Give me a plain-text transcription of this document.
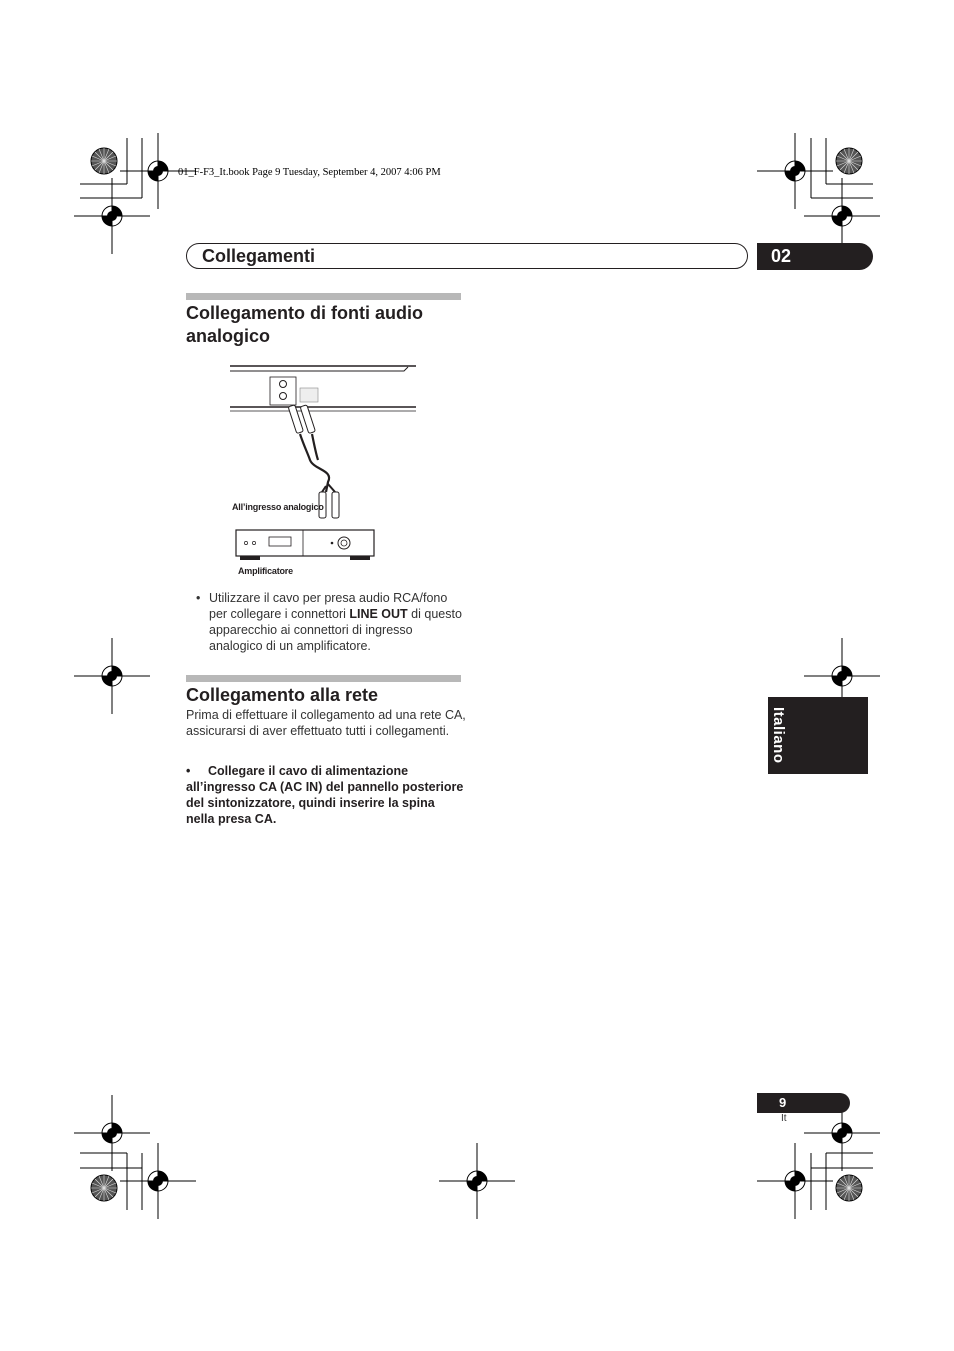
01_F-F3_It.book Page 9 Tuesday, September 4, 2007 4:06 PM
Collegamenti	02
Collegamento di fonti audio analogico
All’ingresso analogico
Amplificatore
• Utilizzare il cavo per presa audio RCA/fono per collegare i connettori LINE OUT di questo apparecchio ai connettori di ingresso analogico di un amplificatore.
Collegamento alla rete
Prima di effettuare il collegamento ad una rete CA, assicurarsi di aver effettuato tutti i collegamenti.
• Collegare il cavo di alimentazione all’ingresso CA (AC IN) del pannello posteriore del sintonizzatore, quindi inserire la spina nella presa CA.
Italiano
9
It
